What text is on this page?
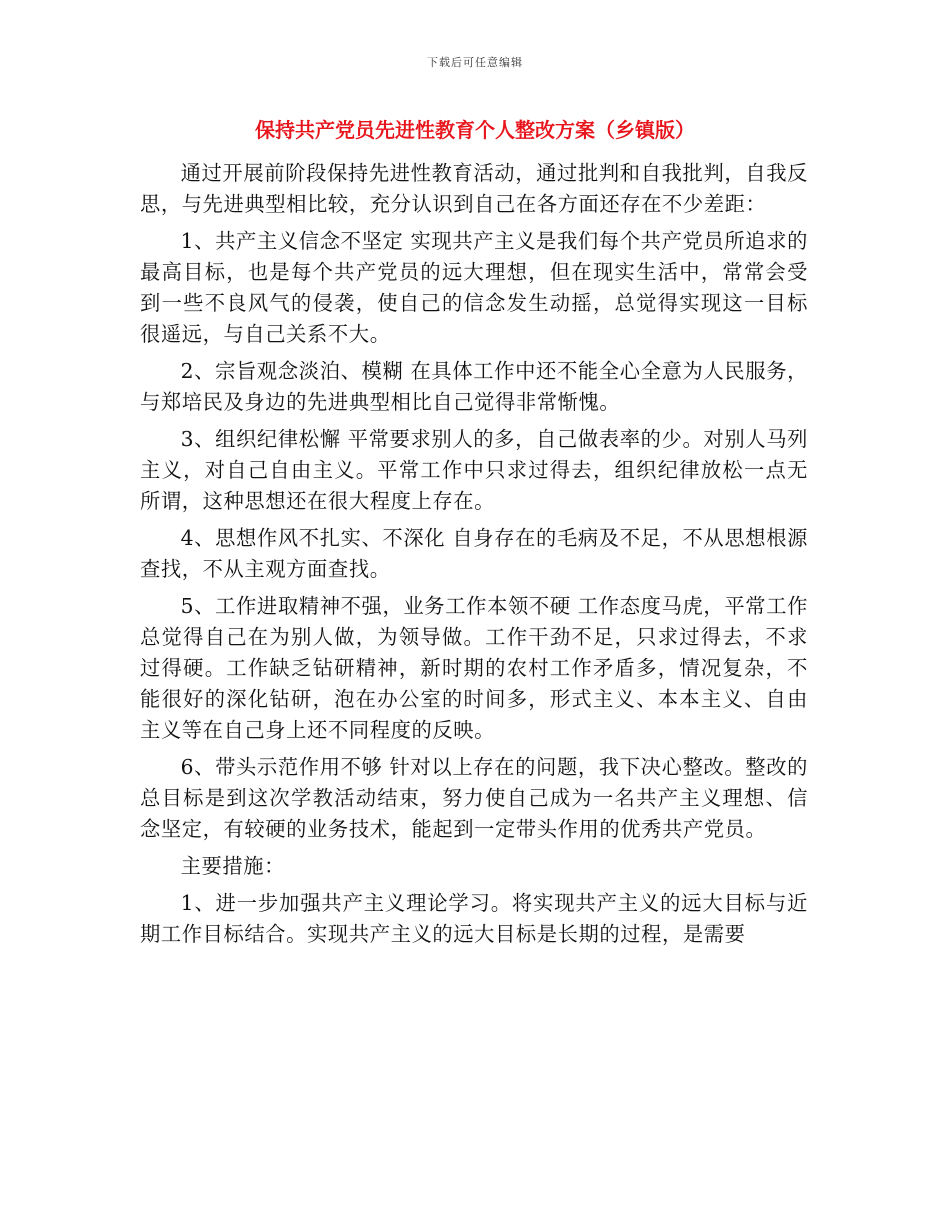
下载后可任意编辑
保持共产党员先进性教育个人整改方案（乡镇版）

通过开展前阶段保持先进性教育活动，通过批判和自我批判，自我反思，与先进典型相比较，充分认识到自己在各方面还存在不少差距：

1、共产主义信念不坚定 实现共产主义是我们每个共产党员所追求的最高目标，也是每个共产党员的远大理想，但在现实生活中，常常会受到一些不良风气的侵袭，使自己的信念发生动摇，总觉得实现这一目标很遥远，与自己关系不大。

2、宗旨观念淡泊、模糊 在具体工作中还不能全心全意为人民服务，与郑培民及身边的先进典型相比自己觉得非常惭愧。

3、组织纪律松懈 平常要求别人的多，自己做表率的少。对别人马列主义，对自己自由主义。平常工作中只求过得去，组织纪律放松一点无所谓，这种思想还在很大程度上存在。

4、思想作风不扎实、不深化 自身存在的毛病及不足，不从思想根源查找，不从主观方面查找。

5、工作进取精神不强，业务工作本领不硬 工作态度马虎，平常工作总觉得自己在为别人做，为领导做。工作干劲不足，只求过得去，不求过得硬。工作缺乏钻研精神，新时期的农村工作矛盾多，情况复杂，不能很好的深化钻研，泡在办公室的时间多，形式主义、本本主义、自由主义等在自己身上还不同程度的反映。

6、带头示范作用不够 针对以上存在的问题，我下决心整改。整改的总目标是到这次学教活动结束，努力使自己成为一名共产主义理想、信念坚定，有较硬的业务技术，能起到一定带头作用的优秀共产党员。

主要措施：

1、进一步加强共产主义理论学习。将实现共产主义的远大目标与近期工作目标结合。实现共产主义的远大目标是长期的过程，是需要
